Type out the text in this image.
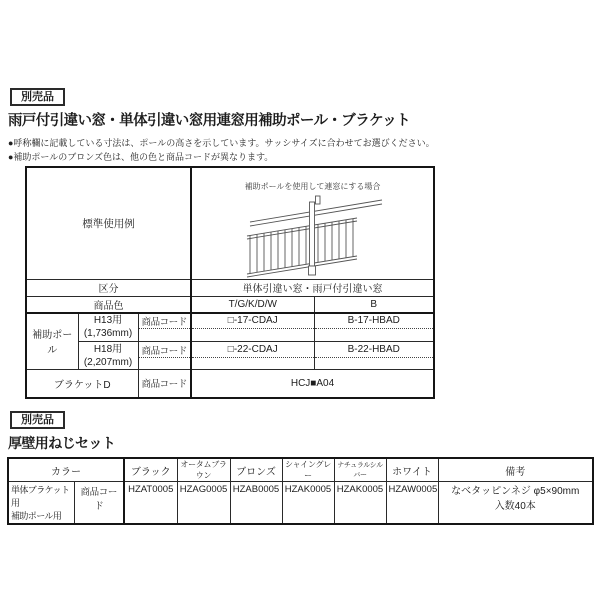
別売品
雨戸付引違い窓・単体引違い窓用連窓用補助ポール・ブラケット
●呼称欄に記載している寸法は、ポールの高さを示しています。サッシサイズに合わせてお選びください。
●補助ポールのブロンズ色は、他の色と商品コードが異なります。
標準使用例			補助ポールを使用して連窓にする場合	

区分			単体引違い窓・雨戸付引違い窓	
商品色			T/G/K/D/W	B
補助ポール	H13用
(1,736mm)	商品コード	□-17-CDAJ	B-17-HBAD

	H18用
(2,207mm)	商品コード	□-22-CDAJ	B-22-HBAD

ブラケットD		商品コード	HCJ■A04	
別売品
厚壁用ねじセット
カラー		ブラック	オータムブラウン	ブロンズ	シャイングレー	ナチュラルシルバー	ホワイト	備考

単体ブラケット用
補助ポール用
	商品コード	HZAT0005	HZAG0005	HZAB0005	HZAK0005	HZAK0005	HZAW0005	なべタッピンネジ φ5×90mm
入数40本
